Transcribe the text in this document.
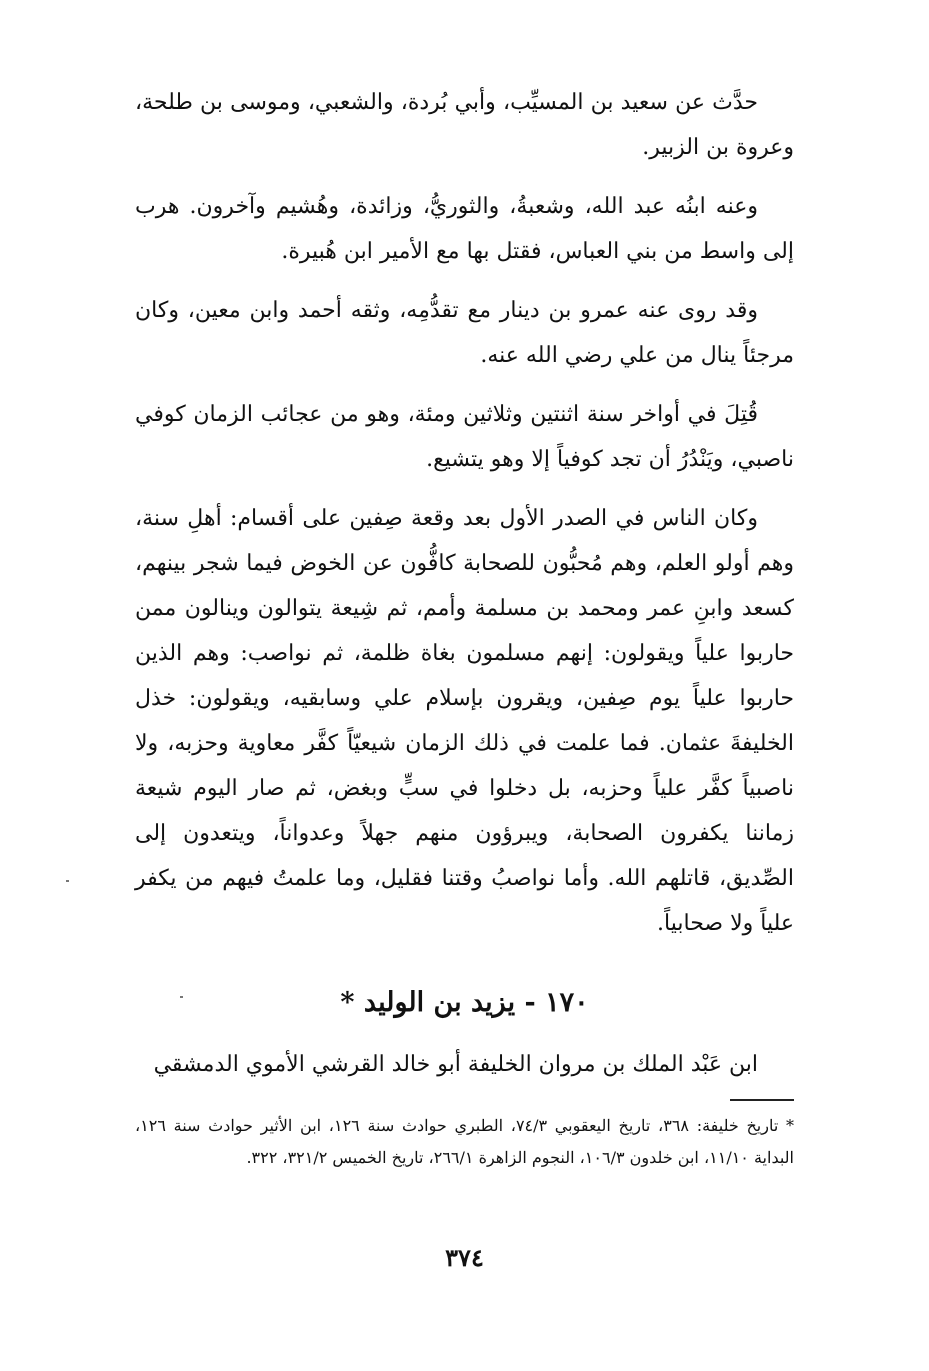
حدَّث عن سعيد بن المسيِّب، وأبي بُردة، والشعبي، وموسى بن طلحة، وعروة بن الزبير.

وعنه ابنُه عبد الله، وشعبةُ، والثوريُّ، وزائدة، وهُشيم وآخرون. هرب إلى واسط من بني العباس، فقتل بها مع الأمير ابن هُبيرة.

وقد روى عنه عمرو بن دينار مع تقدُّمِه، وثقه أحمد وابن معين، وكان مرجئاً ينال من علي رضي الله عنه.

قُتِلَ في أواخر سنة اثنتين وثلاثين ومئة، وهو من عجائب الزمان كوفي ناصبي، ويَنْدُرُ أن تجد كوفياً إلا وهو يتشيع.

وكان الناس في الصدر الأول بعد وقعة صِفين على أقسام: أهلِ سنة، وهم أولو العلم، وهم مُحبُّون للصحابة كافُّون عن الخوض فيما شجر بينهم، كسعد وابنِ عمر ومحمد بن مسلمة وأمم، ثم شِيعة يتوالون وينالون ممن حاربوا علياً ويقولون: إنهم مسلمون بغاة ظلمة، ثم نواصب: وهم الذين حاربوا علياً يوم صِفين، ويقرون بإسلام علي وسابقيه، ويقولون: خذل الخليفةَ عثمان. فما علمت في ذلك الزمان شيعيّاً كفَّر معاوية وحزبه، ولا ناصبياً كفَّر علياً وحزبه، بل دخلوا في سبٍّ وبغض، ثم صار اليوم شيعة زماننا يكفرون الصحابة، ويبرؤون منهم جهلاً وعدواناً، ويتعدون إلى الصِّديق، قاتلهم الله. وأما نواصبُ وقتنا فقليل، وما علمتُ فيهم من يكفر علياً ولا صحابياً.

١٧٠ - يزيد بن الوليد *
ابن عَبْد الملك بن مروان الخليفة أبو خالد القرشي الأموي الدمشقي
* تاريخ خليفة: ٣٦٨، تاريخ اليعقوبي ٧٤/٣، الطبري حوادث سنة ١٢٦، ابن الأثير حوادث سنة ١٢٦، البداية ١١/١٠، ابن خلدون ١٠٦/٣، النجوم الزاهرة ٢٦٦/١، تاريخ الخميس ٣٢١/٢، ٣٢٢.
٣٧٤
